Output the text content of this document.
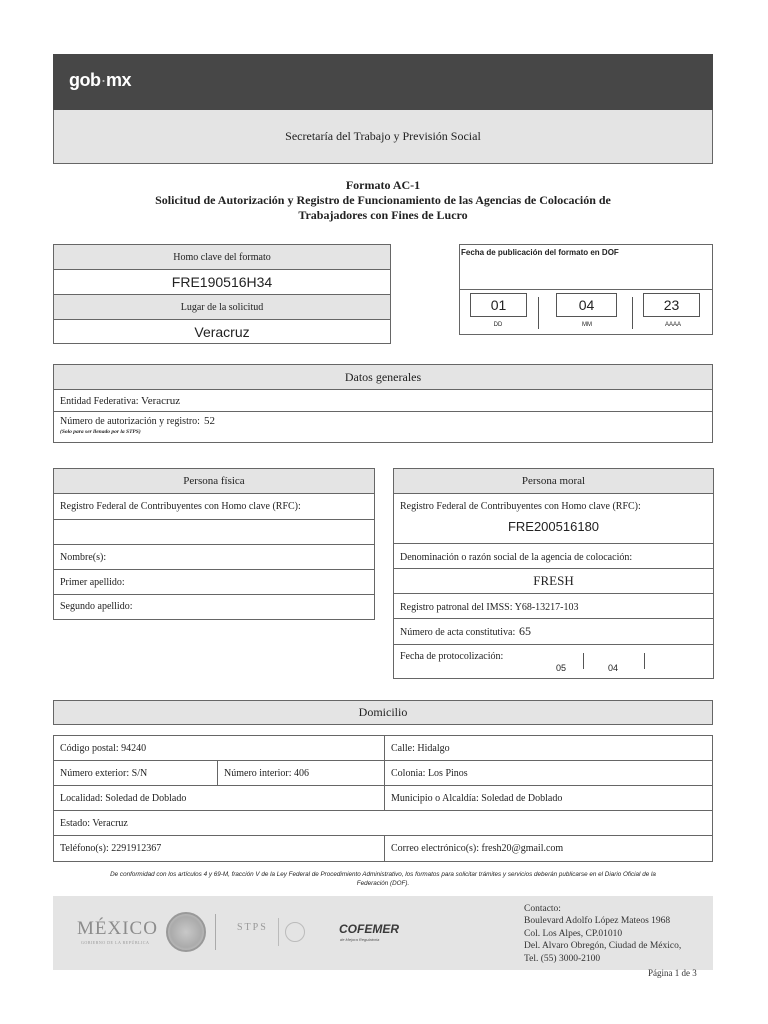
gob·mx
Secretaría del Trabajo y Previsión Social
Formato AC-1
Solicitud de Autorización y Registro de Funcionamiento de las Agencias de Colocación de
Trabajadores con Fines de Lucro
Homo clave del formato
FRE190516H34
Lugar de la solicitud
Veracruz
Fecha de publicación del formato en DOF
01
DD
04
MM
23
AAAA
Datos generales
Entidad Federativa: Veracruz
Número de autorización y registro: 52
(Solo para ser llenado por la STPS)
Persona física
Registro Federal de Contribuyentes con Homo clave (RFC):
Nombre(s):
Primer apellido:
Segundo apellido:
Persona moral
Registro Federal de Contribuyentes con Homo clave (RFC):
FRE200516180
Denominación o razón social de la agencia de colocación:
FRESH
Registro patronal del IMSS: Y68-13217-103
Número de acta constitutiva: 65
Fecha de protocolización:
05	04
Domicilio
Código postal: 94240	Calle: Hidalgo
Número exterior: S/N	Número interior: 406	Colonia: Los Pinos
Localidad: Soledad de Doblado	Municipio o Alcaldía: Soledad de Doblado
Estado: Veracruz
Teléfono(s): 2291912367	Correo electrónico(s): fresh20@gmail.com
De conformidad con los artículos 4 y 69-M, fracción V de la Ley Federal de Procedimiento Administrativo, los formatos para solicitar trámites y servicios deberán publicarse en el Diario Oficial de la
Federación (DOF).
MÉXICO
GOBIERNO DE LA REPÚBLICA
STPS	COFEMER
de Mejora Regulatoria
Contacto:
Boulevard Adolfo López Mateos 1968
Col. Los Alpes, CP.01010
Del. Alvaro Obregón, Ciudad de México,
Tel. (55) 3000-2100
Página 1 de 3
